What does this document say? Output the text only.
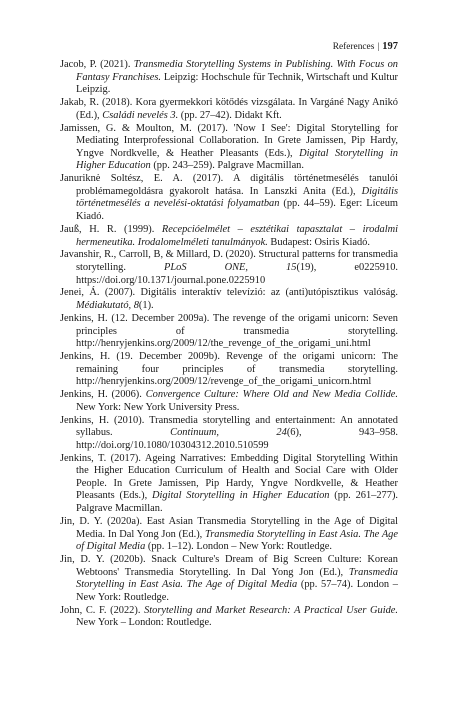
References | 197

Jacob, P. (2021). Transmedia Storytelling Systems in Publishing. With Focus on Fantasy Franchises. Leipzig: Hochschule für Technik, Wirtschaft und Kultur Leipzig.

Jakab, R. (2018). Kora gyermekkori kötődés vizsgálata. In Vargáné Nagy Anikó (Ed.), Családi nevelés 3. (pp. 27–42). Didakt Kft.

Jamissen, G. & Moulton, M. (2017). 'Now I See': Digital Storytelling for Mediating Interprofessional Collaboration. In Grete Jamissen, Pip Hardy, Yngve Nordkvelle, & Heather Pleasants (Eds.), Digital Storytelling in Higher Education (pp. 243–259). Palgrave Macmillan.

Januriknė Soltész, E. A. (2017). A digitális történetmesélés tanulói problémamegoldásra gyakorolt hatása. In Lanszki Anita (Ed.), Digitális történetmesélés a nevelési-oktatási folyamatban (pp. 44–59). Eger: Líceum Kiadó.

Jauß, H. R. (1999). Recepcióelmélet – esztétikai tapasztalat – irodalmi hermeneutika. Irodalomelméleti tanulmányok. Budapest: Osiris Kiadó.

Javanshir, R., Carroll, B, & Millard, D. (2020). Structural patterns for transmedia storytelling. PLoS ONE, 15(19), e0225910. https://doi.org/10.1371/journal.pone.0225910

Jenei, Á. (2007). Digitális interaktív televízió: az (anti)utópisztikus valóság. Médiakutató, 8(1).

Jenkins, H. (12. December 2009a). The revenge of the origami unicorn: Seven principles of transmedia storytelling. http://henryjenkins.org/2009/12/the_revenge_of_the_origami_uni.html

Jenkins, H. (19. December 2009b). Revenge of the origami unicorn: The remaining four principles of transmedia storytelling. http://henryjenkins.org/2009/12/revenge_of_the_origami_unicorn.html

Jenkins, H. (2006). Convergence Culture: Where Old and New Media Collide. New York: New York University Press.

Jenkins, H. (2010). Transmedia storytelling and entertainment: An annotated syllabus. Continuum, 24(6), 943–958. http://doi.org/10.1080/10304312.2010.510599

Jenkins, T. (2017). Ageing Narratives: Embedding Digital Storytelling Within the Higher Education Curriculum of Health and Social Care with Older People. In Grete Jamissen, Pip Hardy, Yngve Nordkvelle, & Heather Pleasants (Eds.), Digital Storytelling in Higher Education (pp. 261–277). Palgrave Macmillan.

Jin, D. Y. (2020a). East Asian Transmedia Storytelling in the Age of Digital Media. In Dal Yong Jon (Ed.), Transmedia Storytelling in East Asia. The Age of Digital Media (pp. 1–12). London – New York: Routledge.

Jin, D. Y. (2020b). Snack Culture's Dream of Big Screen Culture: Korean Webtoons' Transmedia Storytelling. In Dal Yong Jon (Ed.), Transmedia Storytelling in East Asia. The Age of Digital Media (pp. 57–74). London – New York: Routledge.

John, C. F. (2022). Storytelling and Market Research: A Practical User Guide. New York – London: Routledge.
